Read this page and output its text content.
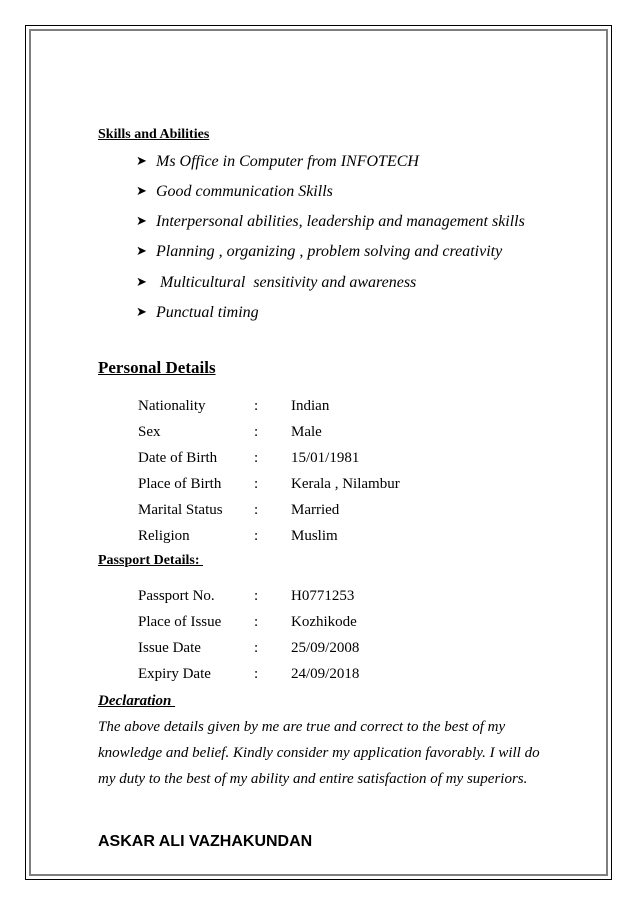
Skills and Abilities
➤ Ms Office in Computer from INFOTECH
➤ Good communication Skills
➤ Interpersonal abilities, leadership and management skills
➤ Planning , organizing , problem solving and creativity
➤ Multicultural  sensitivity and awareness
➤ Punctual timing
Personal Details
Nationality	: Indian
Sex	: Male
Date of Birth : 15/01/1981
Place of Birth : Kerala , Nilambur
Marital Status : Married
Religion	: Muslim
Passport Details:
Passport No.	: H0771253
Place of Issue : Kozhikode
Issue Date	: 25/09/2008
Expiry Date	: 24/09/2018
Declaration
The above details given by me are true and correct to the best of my knowledge and belief. Kindly consider my application favorably. I will do my duty to the best of my ability and entire satisfaction of my superiors.
ASKAR ALI VAZHAKUNDAN
